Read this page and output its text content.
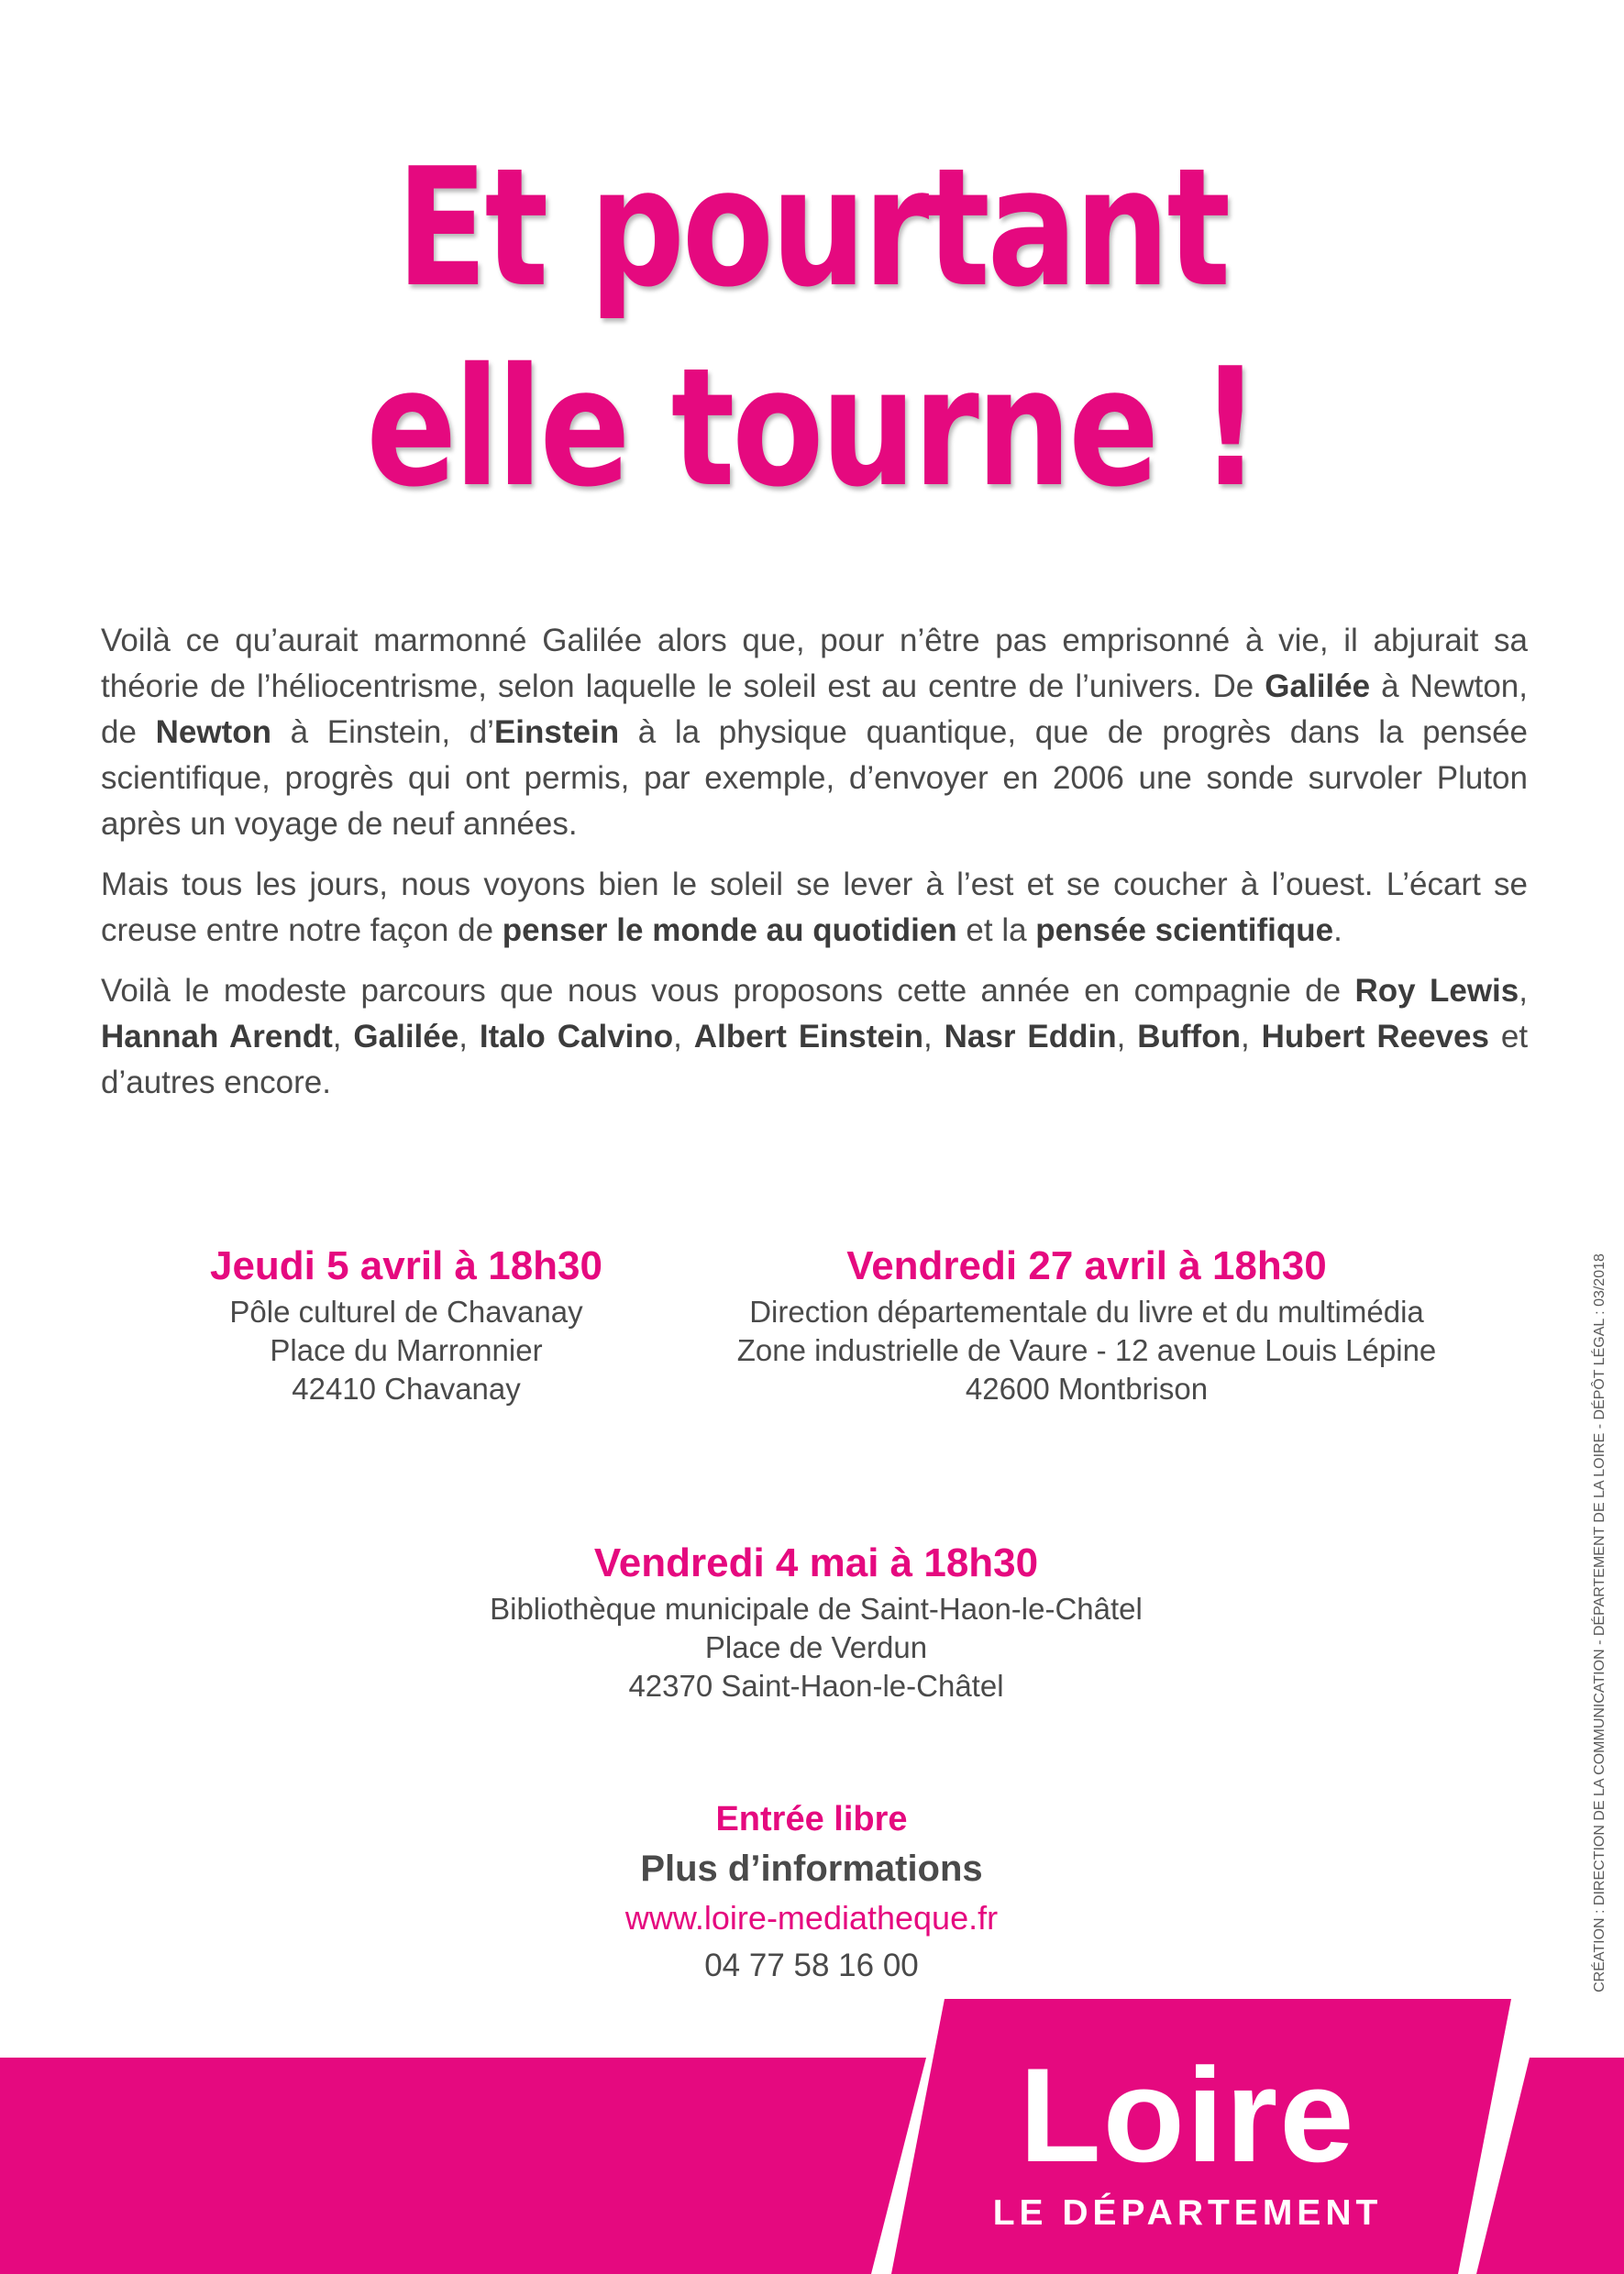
Et pourtant
elle tourne !

Voilà ce qu’aurait marmonné Galilée alors que, pour n’être pas emprisonné à vie, il abjurait sa théorie de l’héliocentrisme, selon laquelle le soleil est au centre de l’univers. De Galilée à Newton, de Newton à Einstein, d’Einstein à la physique quantique, que de progrès dans la pensée scientifique, progrès qui ont permis, par exemple, d’envoyer en 2006 une sonde survoler Pluton après un voyage de neuf années.

Mais tous les jours, nous voyons bien le soleil se lever à l’est et se coucher à l’ouest. L’écart se creuse entre notre façon de penser le monde au quotidien et la pensée scientifique.

Voilà le modeste parcours que nous vous proposons cette année en compagnie de Roy Lewis, Hannah Arendt, Galilée, Italo Calvino, Albert Einstein, Nasr Eddin, Buffon, Hubert Reeves et d’autres encore.

Jeudi 5 avril à 18h30
Pôle culturel de Chavanay
Place du Marronnier
42410 Chavanay
Vendredi 27 avril à 18h30
Direction départementale du livre et du multimédia
Zone industrielle de Vaure - 12 avenue Louis Lépine
42600 Montbrison
Vendredi 4 mai à 18h30
Bibliothèque municipale de Saint-Haon-le-Châtel
Place de Verdun
42370 Saint-Haon-le-Châtel
Entrée libre
Plus d’informations
www.loire-mediatheque.fr
04 77 58 16 00	CRÉATION : DIRECTION DE LA COMMUNICATION - DÉPARTEMENT DE LA LOIRE - DÉPÔT LÉGAL : 03/2018
Loire
LE DÉPARTEMENT
